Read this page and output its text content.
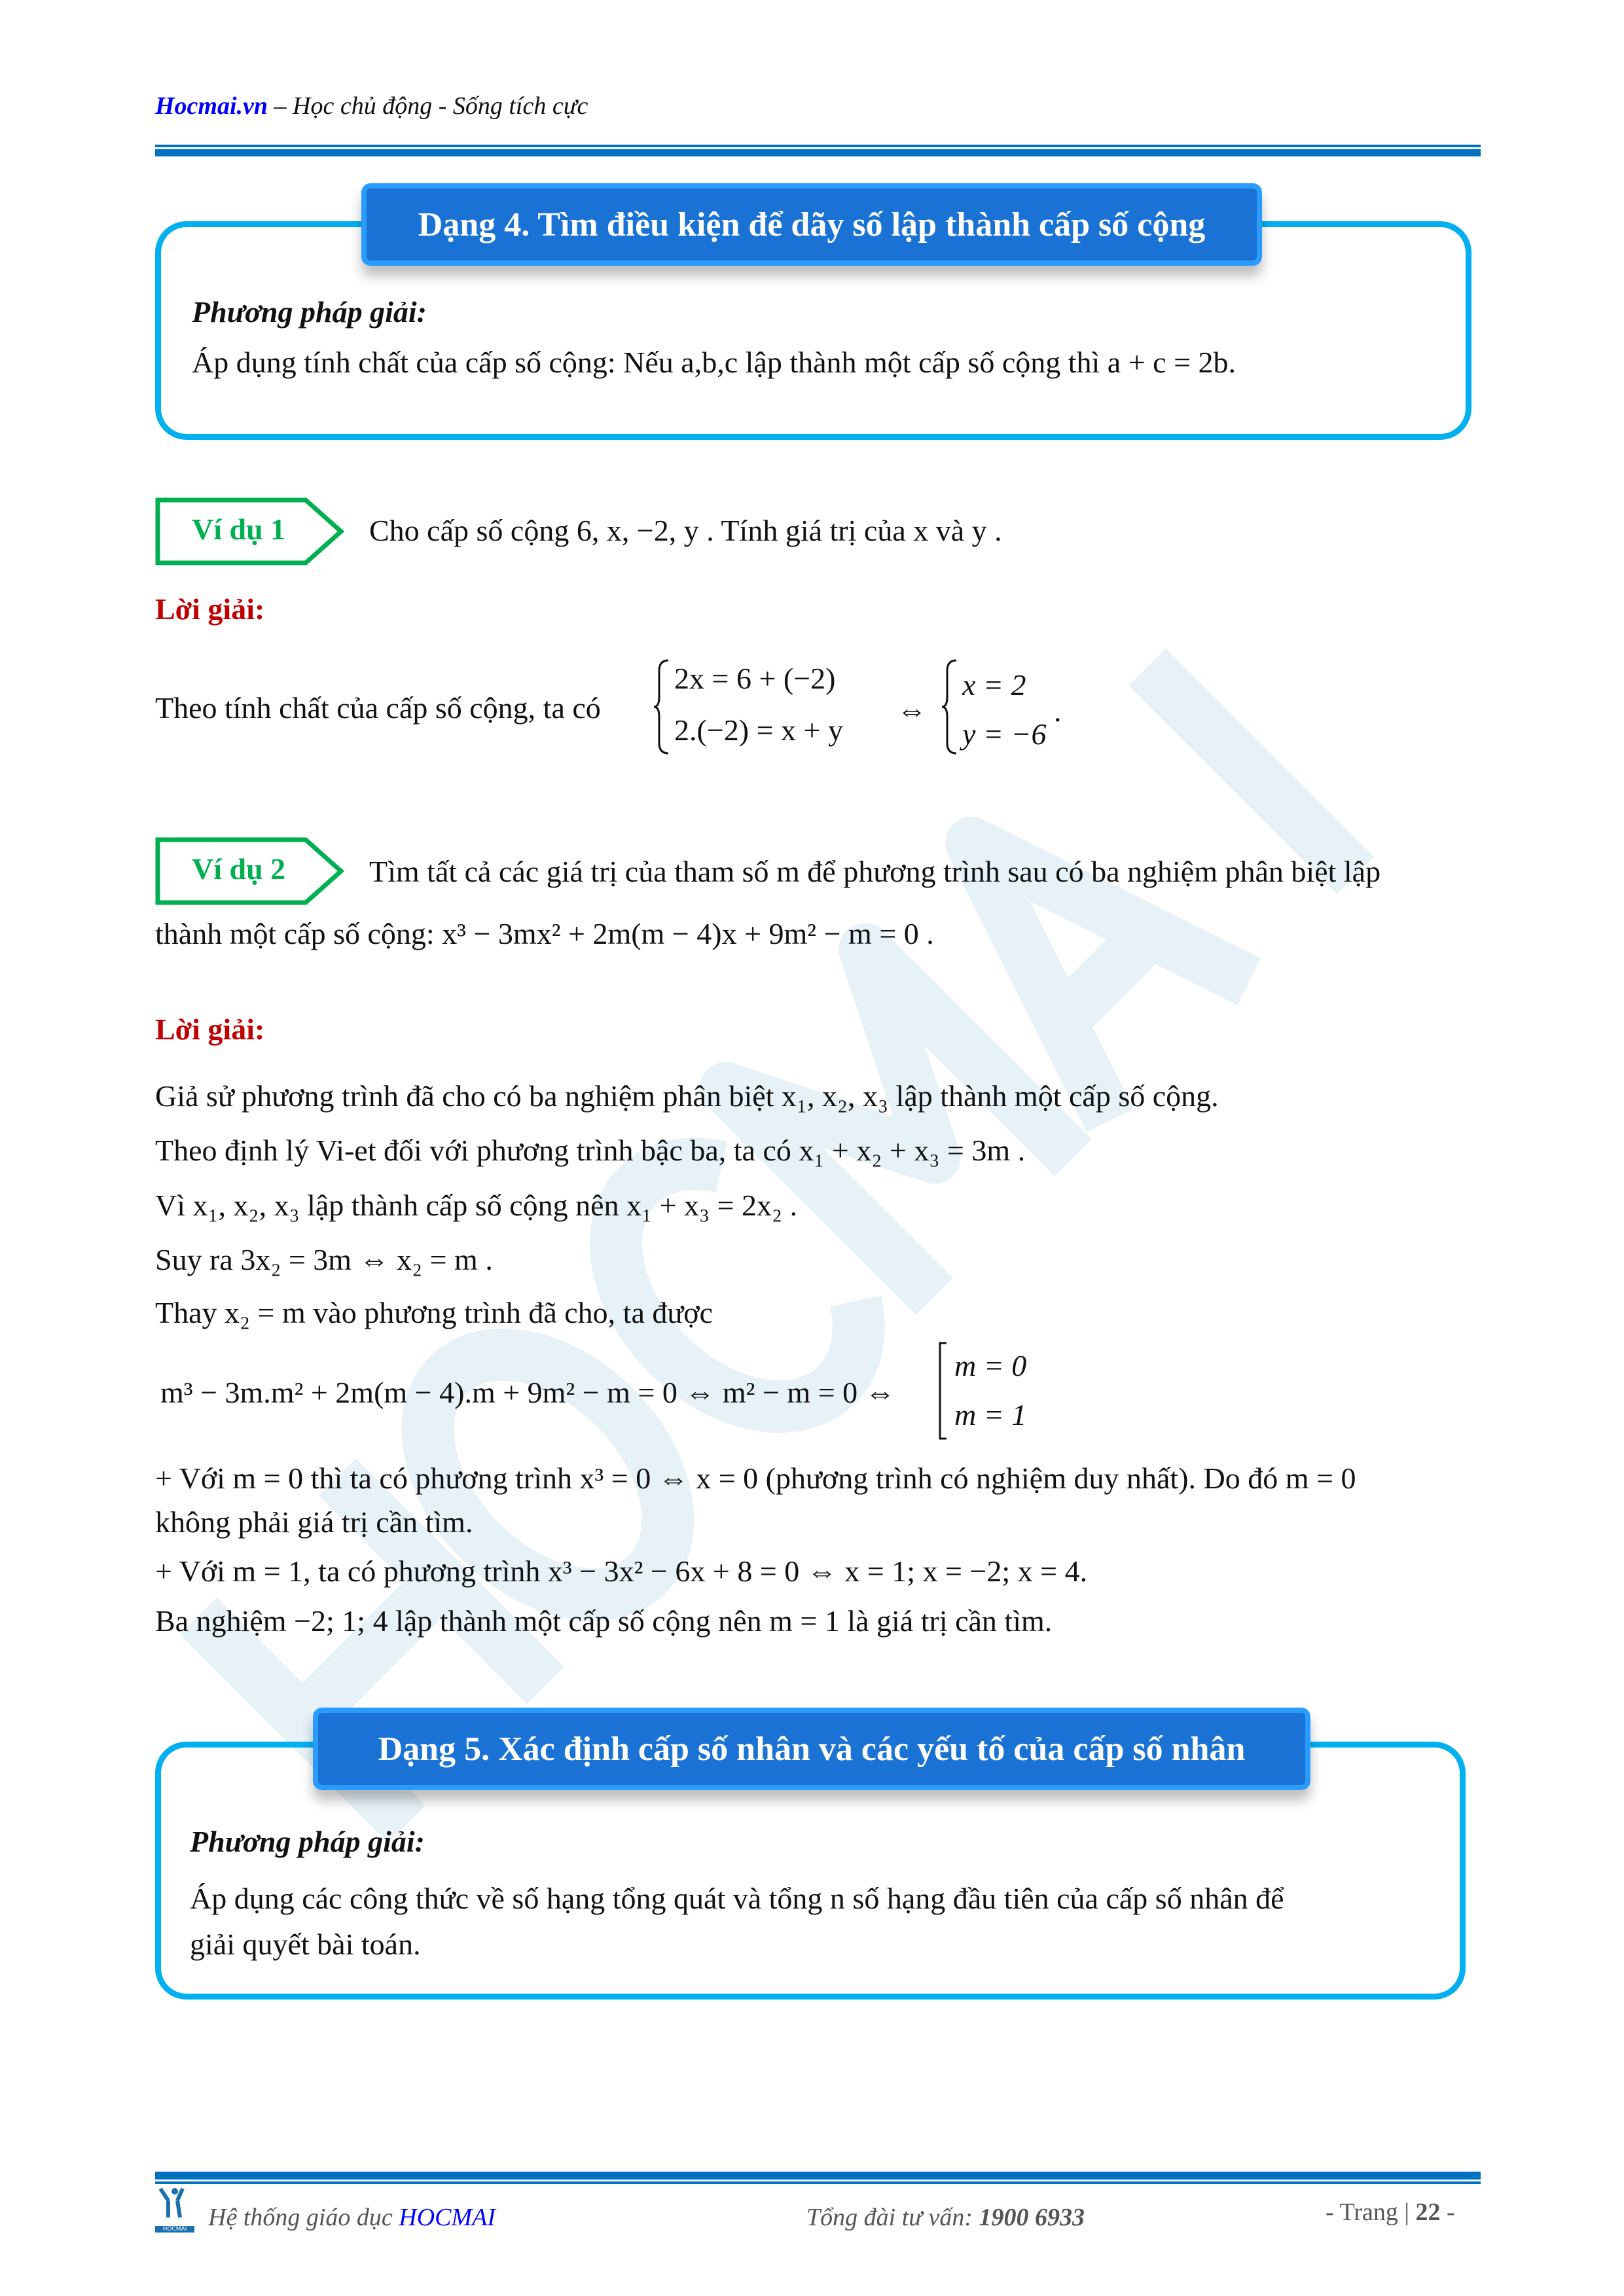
Hocmai.vn – Học chủ động - Sống tích cực
Dạng 4. Tìm điều kiện để dãy số lập thành cấp số cộng
Phương pháp giải:
Áp dụng tính chất của cấp số cộng: Nếu a,b,c lập thành một cấp số cộng thì a + c = 2b.
Ví dụ 1	Cho cấp số cộng 6, x, −2, y . Tính giá trị của x và y .
Lời giải:
Theo tính chất của cấp số cộng, ta có
2x = 6 + (−2)
2.(−2) = x + y
⇔
x = 2
y = −6
.
Ví dụ 2	Tìm tất cả các giá trị của tham số m để phương trình sau có ba nghiệm phân biệt lập
thành một cấp số cộng: x³ − 3mx² + 2m(m − 4)x + 9m² − m = 0 .
Lời giải:
Giả sử phương trình đã cho có ba nghiệm phân biệt x₁, x₂, x₃ lập thành một cấp số cộng.
Theo định lý Vi-et đối với phương trình bậc ba, ta có x₁ + x₂ + x₃ = 3m .
Vì x₁, x₂, x₃ lập thành cấp số cộng nên x₁ + x₃ = 2x₂ .
Suy ra 3x₂ = 3m ⇔ x₂ = m .
Thay x₂ = m vào phương trình đã cho, ta được
m³ − 3m.m² + 2m(m − 4).m + 9m² − m = 0 ⇔ m² − m = 0 ⇔
m = 0
m = 1
+ Với m = 0 thì ta có phương trình x³ = 0 ⇔ x = 0 (phương trình có nghiệm duy nhất). Do đó m = 0
không phải giá trị cần tìm.
+ Với m = 1, ta có phương trình x³ − 3x² − 6x + 8 = 0 ⇔ x = 1; x = −2; x = 4.
Ba nghiệm −2; 1; 4 lập thành một cấp số cộng nên m = 1 là giá trị cần tìm.
Dạng 5. Xác định cấp số nhân và các yếu tố của cấp số nhân
Phương pháp giải:
Áp dụng các công thức về số hạng tổng quát và tổng n số hạng đầu tiên của cấp số nhân để
giải quyết bài toán.
HOCMAI Hệ thống giáo dục HOCMAI	Tổng đài tư vấn: 1900 6933	- Trang | 22 -
